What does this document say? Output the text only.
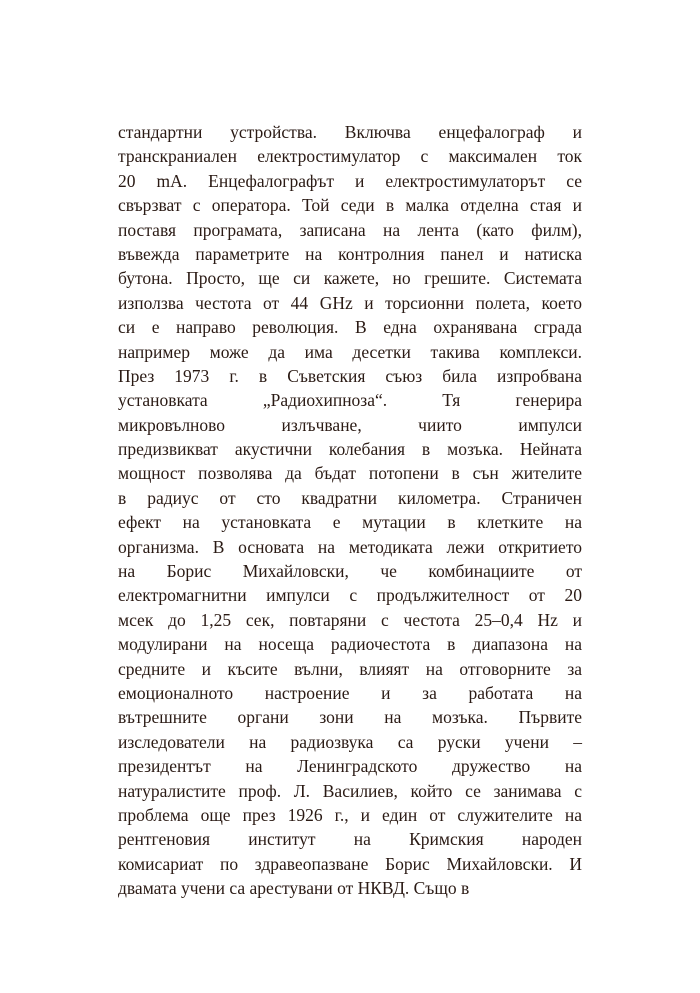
стандартни устройства. Включва енцефалограф и
транскраниален електростимулатор с максимален ток
20 mA. Енцефалографът и електростимулаторът се
свързват с оператора. Той седи в малка отделна стая и
поставя програмата, записана на лента (като филм),
въвежда параметрите на контролния панел и натиска
бутона. Просто, ще си кажете, но грешите. Системата
използва честота от 44 GHz и торсионни полета, което
си е направо революция. В една охранявана сграда
например може да има десетки такива комплекси.
През 1973 г. в Съветския съюз била изпробвана
установката „Радиохипноза“. Тя генерира
микровълново излъчване, чиито импулси
предизвикват акустични колебания в мозъка. Нейната
мощност позволява да бъдат потопени в сън жителите
в радиус от сто квадратни километра. Страничен
ефект на установката е мутации в клетките на
организма. В основата на методиката лежи откритието
на Борис Михайловски, че комбинациите от
електромагнитни импулси с продължителност от 20
мсек до 1,25 сек, повтаряни с честота 25–0,4 Hz и
модулирани на носеща радиочестота в диапазона на
средните и късите вълни, влияят на отговорните за
емоционалното настроение и за работата на
вътрешните органи зони на мозъка. Първите
изследователи на радиозвука са руски учени –
президентът на Ленинградското дружество на
натуралистите проф. Л. Василиев, който се занимава с
проблема още през 1926 г., и един от служителите на
рентгеновия институт на Кримския народен
комисариат по здравеопазване Борис Михайловски. И
двамата учени са арестувани от НКВД. Също в
